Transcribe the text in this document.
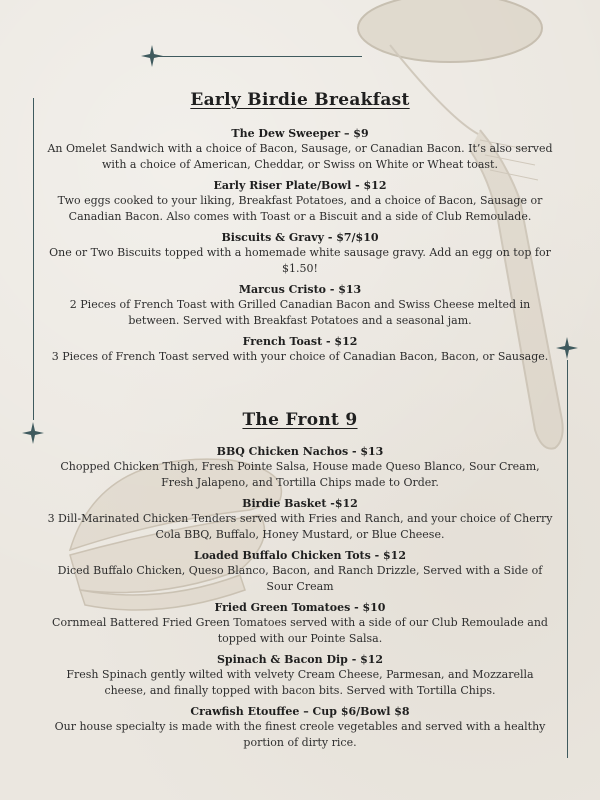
Early Birdie Breakfast
The Dew Sweeper – $9
An Omelet Sandwich with a choice of Bacon, Sausage, or Canadian Bacon. It’s also served with a choice of American, Cheddar, or Swiss on White or Wheat toast.
Early Riser Plate/Bowl - $12
Two eggs cooked to your liking, Breakfast Potatoes, and a choice of Bacon, Sausage or Canadian Bacon. Also comes with Toast or a Biscuit and a side of Club Remoulade.
Biscuits & Gravy - $7/$10
One or Two Biscuits topped with a homemade white sausage gravy. Add an egg on top for $1.50!
Marcus Cristo - $13
2 Pieces of French Toast with Grilled Canadian Bacon and Swiss Cheese melted in between. Served with Breakfast Potatoes and a seasonal jam.
French Toast - $12
3 Pieces of French Toast served with your choice of Canadian Bacon, Bacon, or Sausage.
The Front 9
BBQ Chicken Nachos - $13
Chopped Chicken Thigh, Fresh Pointe Salsa, House made Queso Blanco, Sour Cream, Fresh Jalapeno, and Tortilla Chips made to Order.
Birdie Basket -$12
3 Dill-Marinated Chicken Tenders served with Fries and Ranch, and your choice of Cherry Cola BBQ, Buffalo, Honey Mustard, or Blue Cheese.
Loaded Buffalo Chicken Tots - $12
Diced Buffalo Chicken, Queso Blanco, Bacon, and Ranch Drizzle, Served with a Side of Sour Cream
Fried Green Tomatoes - $10
Cornmeal Battered Fried Green Tomatoes served with a side of our Club Remoulade and topped with our Pointe Salsa.
Spinach & Bacon Dip - $12
Fresh Spinach gently wilted with velvety Cream Cheese, Parmesan, and Mozzarella cheese, and finally topped with bacon bits. Served with Tortilla Chips.
Crawfish Etouffee – Cup $6/Bowl $8
Our house specialty is made with the finest creole vegetables and served with a healthy portion of dirty rice.
